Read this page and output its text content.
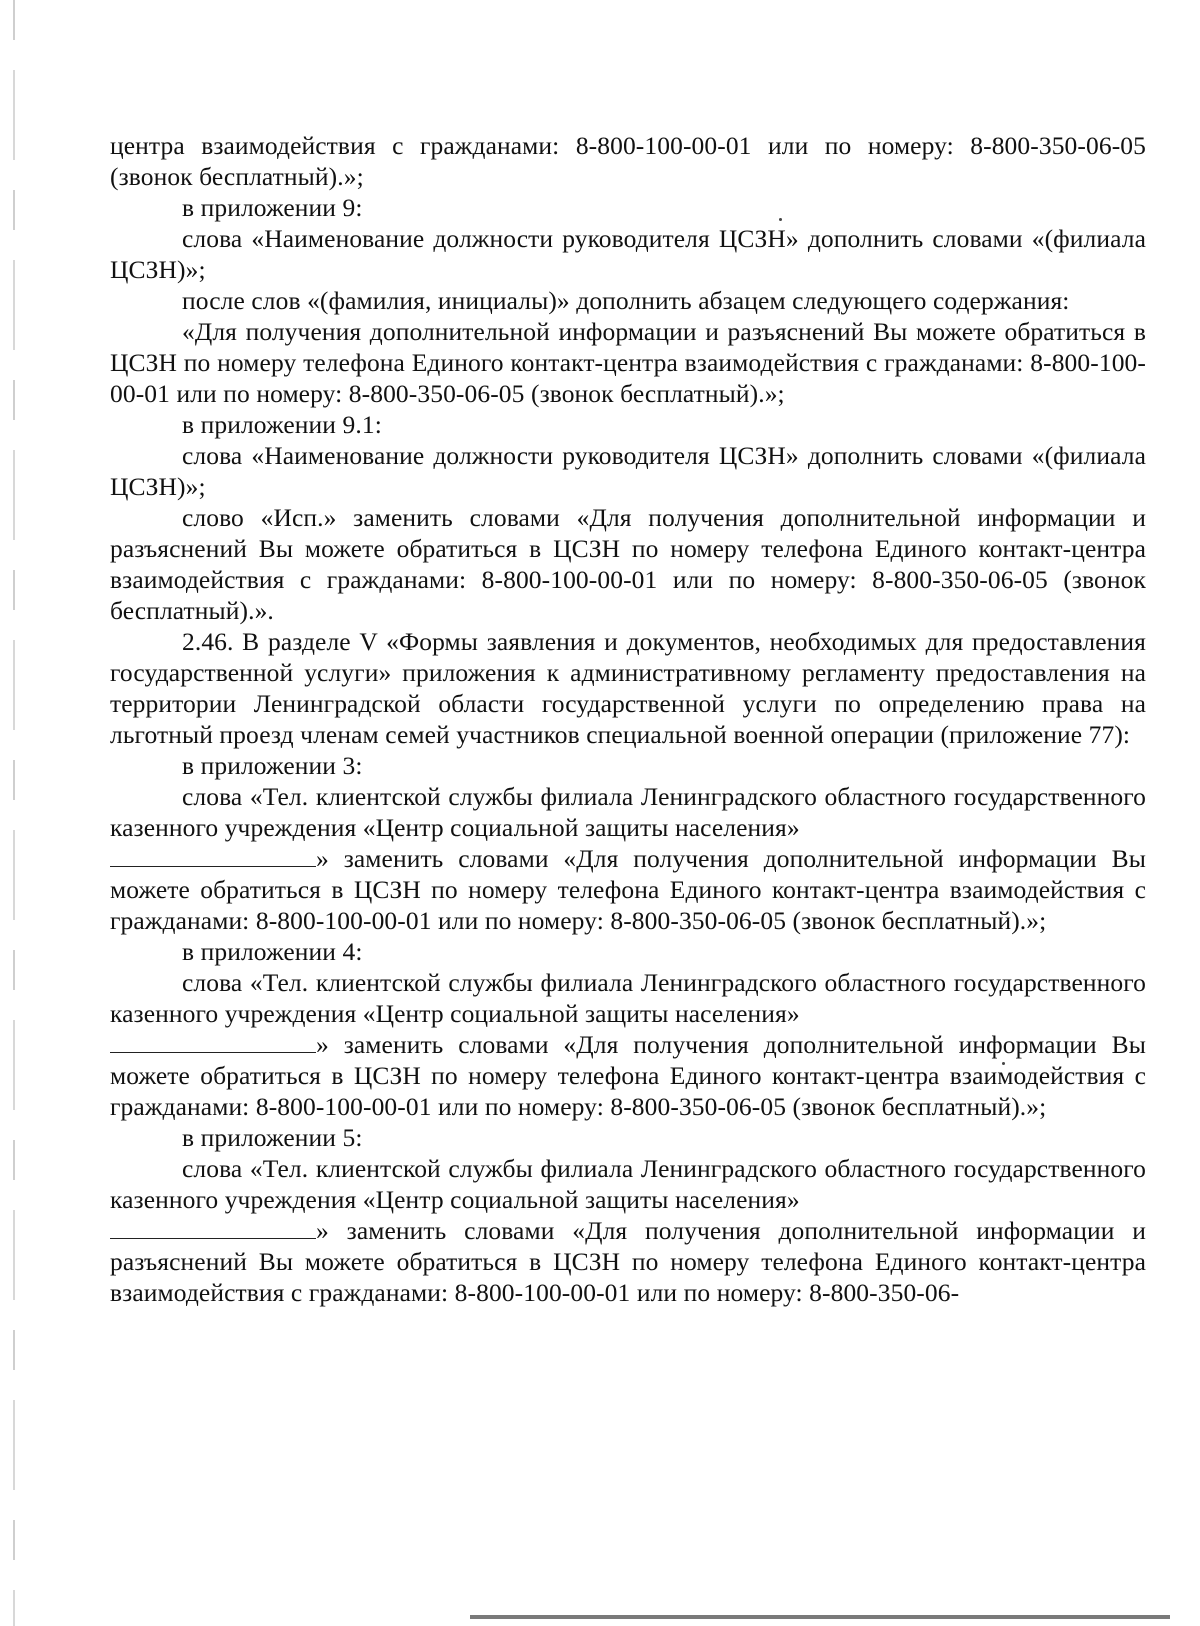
центра взаимодействия с гражданами: 8-800-100-00-01 или по номеру: 8-800-350-06-05 (звонок бесплатный).»;

в приложении 9:

слова «Наименование должности руководителя ЦСЗН» дополнить словами «(филиала ЦСЗН)»;

после слов «(фамилия, инициалы)» дополнить абзацем следующего содержания:

«Для получения дополнительной информации и разъяснений Вы можете обратиться в ЦСЗН по номеру телефона Единого контакт-центра взаимодействия с гражданами: 8-800-100-00-01 или по номеру: 8-800-350-06-05 (звонок бесплатный).»;

в приложении 9.1:

слова «Наименование должности руководителя ЦСЗН» дополнить словами «(филиала ЦСЗН)»;

слово «Исп.» заменить словами «Для получения дополнительной информации и разъяснений Вы можете обратиться в ЦСЗН по номеру телефона Единого контакт-центра взаимодействия с гражданами: 8-800-100-00-01 или по номеру: 8-800-350-06-05 (звонок бесплатный).».

2.46. В разделе V «Формы заявления и документов, необходимых для предоставления государственной услуги» приложения к административному регламенту предоставления на территории Ленинградской области государственной услуги по определению права на льготный проезд членам семей участников специальной военной операции (приложение 77):

в приложении 3:

слова «Тел. клиентской службы филиала Ленинградского областного государственного казенного учреждения «Центр социальной защиты населения»

» заменить словами «Для получения дополнительной информации Вы можете обратиться в ЦСЗН по номеру телефона Единого контакт-центра взаимодействия с гражданами: 8-800-100-00-01 или по номеру: 8-800-350-06-05 (звонок бесплатный).»;

в приложении 4:

слова «Тел. клиентской службы филиала Ленинградского областного государственного казенного учреждения «Центр социальной защиты населения»

» заменить словами «Для получения дополнительной информации Вы можете обратиться в ЦСЗН по номеру телефона Единого контакт-центра взаимодействия с гражданами: 8-800-100-00-01 или по номеру: 8-800-350-06-05 (звонок бесплатный).»;

в приложении 5:

слова «Тел. клиентской службы филиала Ленинградского областного государственного казенного учреждения «Центр социальной защиты населения»

» заменить словами «Для получения дополнительной информации и разъяснений Вы можете обратиться в ЦСЗН по номеру телефона Единого контакт-центра взаимодействия с гражданами: 8-800-100-00-01 или по номеру: 8-800-350-06-
